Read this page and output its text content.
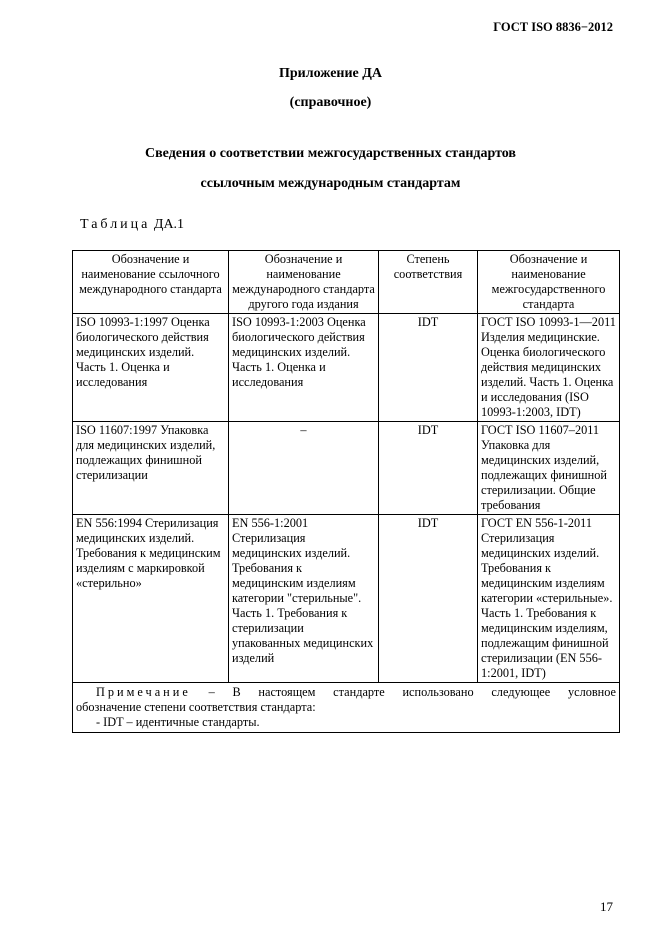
ГОСТ ISO 8836−2012
Приложение ДА
(справочное)
Сведения о соответствии межгосударственных стандартов
ссылочным международным стандартам
Таблица ДА.1
Обозначение и наименование ссылочного международного стандарта	Обозначение и наименование международного стандарта другого года издания	Степень соответствия	Обозначение и наименование межгосударственного стандарта
ISO 10993-1:1997 Оценка биологического действия медицинских изделий. Часть 1. Оценка и исследования	ISO 10993-1:2003 Оценка биологического действия медицинских изделий. Часть 1. Оценка и исследования	IDT	ГОСТ ISO 10993-1—2011 Изделия медицинские. Оценка биологического действия медицинских изделий. Часть 1. Оценка и исследования (ISO 10993-1:2003, IDT)
ISO 11607:1997 Упаковка для медицинских изделий, подлежащих финишной стерилизации	–	IDT	ГОСТ ISO 11607–2011 Упаковка для медицинских изделий, подлежащих финишной стерилизации. Общие требования
EN 556:1994 Стерилизация медицинских изделий. Требования к медицинским изделиям с маркировкой «стерильно»	EN 556-1:2001 Стерилизация медицинских изделий. Требования к медицинским изделиям категории "стерильные". Часть 1. Требования к стерилизации упакованных медицинских изделий	IDT	ГОСТ EN 556-1-2011 Стерилизация медицинских изделий. Требования к медицинским изделиям категории «стерильные». Часть 1. Требования к медицинским изделиям, подлежащим финишной стерилизации (EN 556-1:2001, IDT)

Примечание – В настоящем стандарте использовано следующее условное
обозначение степени соответствия стандарта:
- IDT – идентичные стандарты.			
17
